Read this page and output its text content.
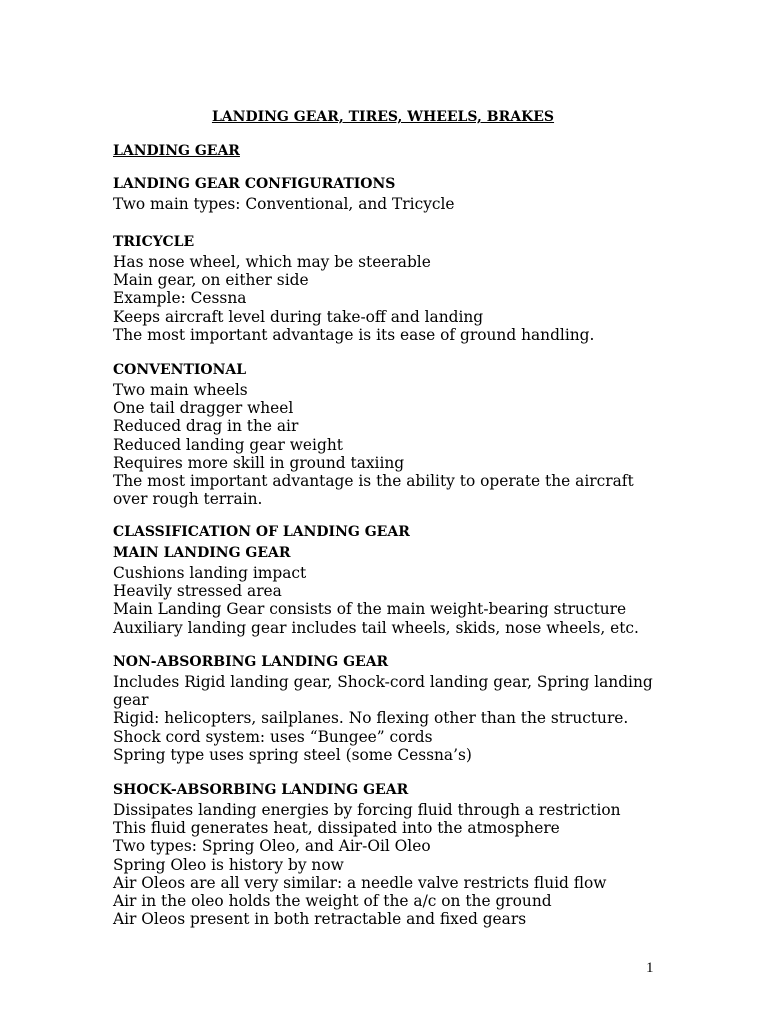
LANDING GEAR, TIRES, WHEELS, BRAKES
LANDING GEAR
LANDING GEAR CONFIGURATIONS
Two main types: Conventional, and Tricycle
TRICYCLE
Has nose wheel, which may be steerable
Main gear, on either side
Example: Cessna
Keeps aircraft level during take-off and landing
The most important advantage is its ease of ground handling.
CONVENTIONAL
Two main wheels
One tail dragger wheel
Reduced drag in the air
Reduced landing gear weight
Requires more skill in ground taxiing
The most important advantage is the ability to operate the aircraft over rough terrain.
CLASSIFICATION OF LANDING GEAR
MAIN LANDING GEAR
Cushions landing impact
Heavily stressed area
Main Landing Gear consists of the main weight-bearing structure
Auxiliary landing gear includes tail wheels, skids, nose wheels, etc.
NON-ABSORBING LANDING GEAR
Includes Rigid landing gear, Shock-cord landing gear, Spring landing gear
Rigid: helicopters, sailplanes. No flexing other than the structure.
Shock cord system: uses “Bungee” cords
Spring type uses spring steel (some Cessna’s)
SHOCK-ABSORBING LANDING GEAR
Dissipates landing energies by forcing fluid through a restriction
This fluid generates heat, dissipated into the atmosphere
Two types: Spring Oleo, and Air-Oil Oleo
Spring Oleo is history by now
Air Oleos are all very similar: a needle valve restricts fluid flow
Air in the oleo holds the weight of the a/c on the ground
Air Oleos present in both retractable and fixed gears
1
